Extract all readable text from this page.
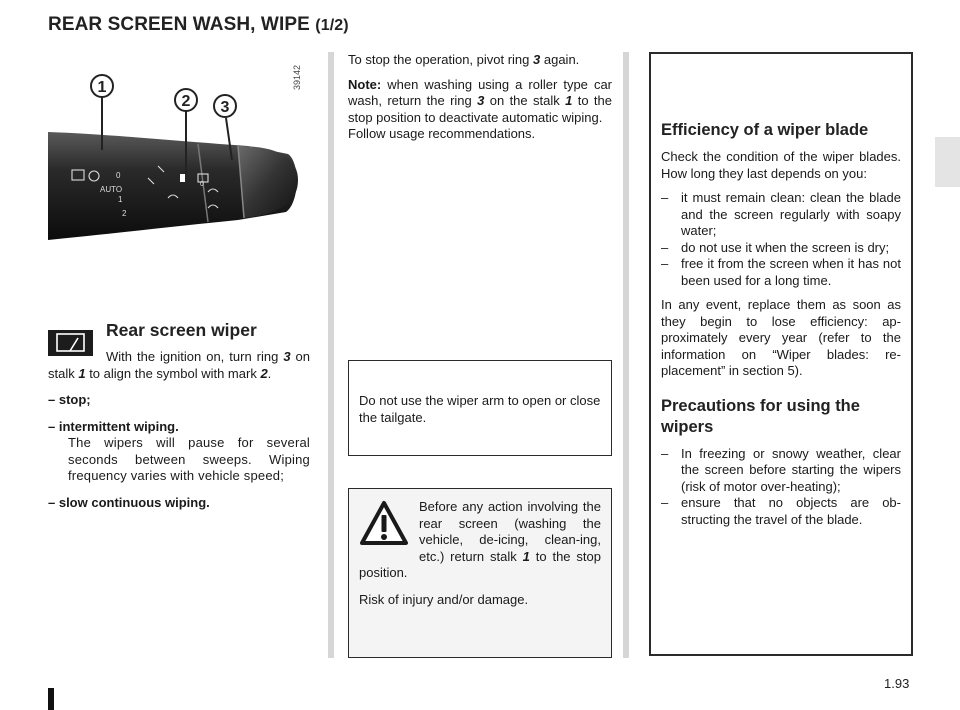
REAR SCREEN WASH, WIPE (1/2)
AUTO
0
1
2
0
1
2 3
39142
Rear screen wiper

With the ignition on, turn ring 3 on stalk 1 to align the symbol with mark 2.

– stop;

– intermittent wiping.

The wipers will pause for several seconds between sweeps. Wiping frequency varies with vehicle speed;

– slow continuous wiping.

To stop the operation, pivot ring 3 again.

Note: when washing using a roller type car wash, return the ring 3 on the stalk 1 to the stop position to deactivate automatic wiping.

Follow usage recommendations.

Do not use the wiper arm to open or close the tailgate.

Before any action involving the rear screen (washing the vehicle, de-icing, clean-ing, etc.) return stalk 1 to the stop position.

Risk of injury and/or damage.

Efficiency of a wiper blade

Check the condition of the wiper blades. How long they last depends on you:

– it must remain clean: clean the blade and the screen regularly with soapy water;
– do not use it when the screen is dry;
– free it from the screen when it has not been used for a long time.

In any event, replace them as soon as they begin to lose efficiency: ap-proximately every year (refer to the information on “Wiper blades: re-placement” in section 5).

Precautions for using the wipers
– In freezing or snowy weather, clear the screen before starting the wipers (risk of motor over-heating);
– ensure that no objects are ob-structing the travel of the blade.
1.93
